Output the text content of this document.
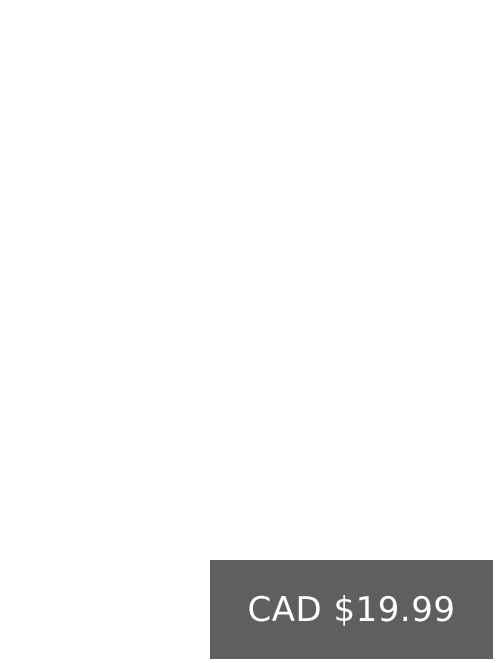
CAD $19.99
